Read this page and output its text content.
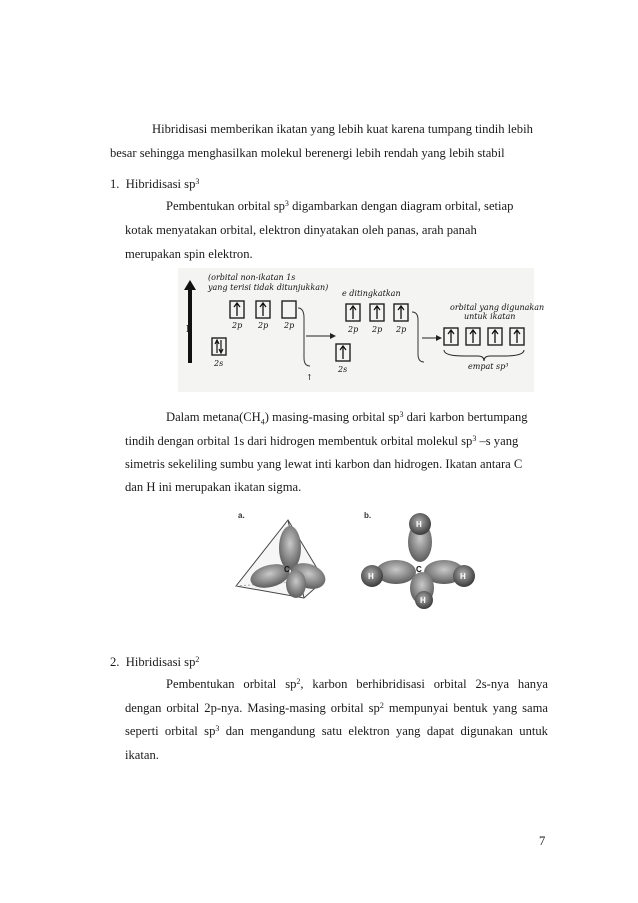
Hibridisasi memberikan ikatan yang lebih kuat karena tumpang tindih lebih
besar sehingga menghasilkan molekul berenergi lebih rendah yang lebih stabil
1. Hibridisasi $sp^3$
Pembentukan orbital $sp^3$ digambarkan dengan diagram orbital, setiap
kotak menyatakan orbital, elektron dinyatakan oleh panas, arah panah
merupakan spin elektron.
E
(orbital non-ikatan 1s
yang terisi tidak ditunjukkan)
2p 2p 2p
2s
e ditingkatkan
2p 2p 2p
2s
orbital yang digunakan
untuk ikatan
empat sp³
↑
Dalam $metana(CH_4)$ masing-masing orbital $sp^3$ dari karbon bertumpang
tindih dengan orbital 1s dari hidrogen membentuk orbital molekul $sp^3$ –s yang
simetris sekeliling sumbu yang lewat inti karbon dan hidrogen. Ikatan antara C
dan H ini merupakan ikatan sigma.
a.	b.
C
H
H	H
H
C
2. Hibridisasi $sp^2$
Pembentukan orbital $sp^2$, karbon berhibridisasi orbital 2s-nya hanya
dengan orbital 2p-nya. Masing-masing orbital $sp^2$ mempunyai bentuk yang sama
seperti orbital $sp^3$ dan mengandung satu elektron yang dapat digunakan untuk
ikatan.
7
